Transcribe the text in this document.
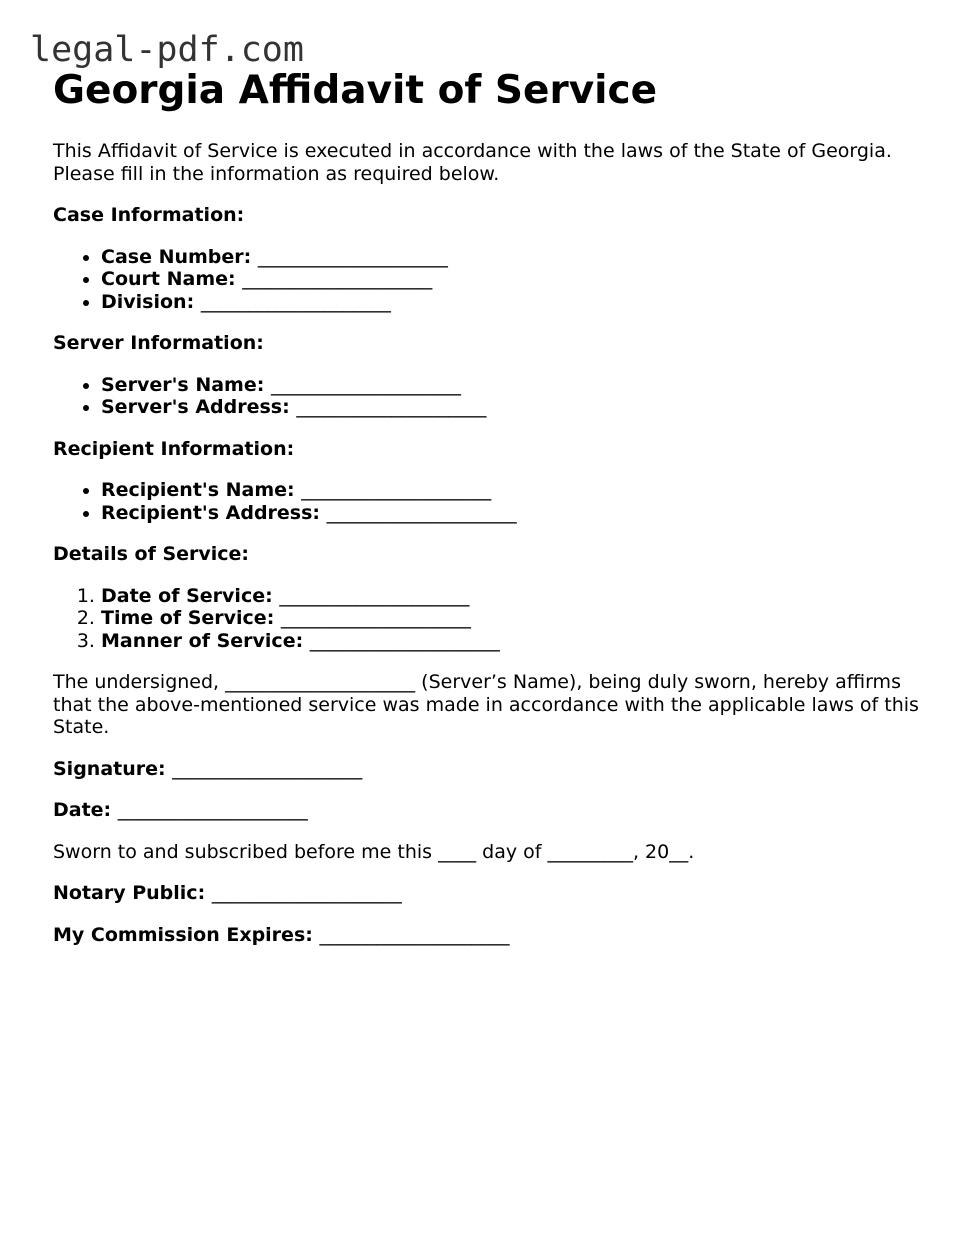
legal-pdf.com
Georgia Affidavit of Service

This Affidavit of Service is executed in accordance with the laws of the State of Georgia. Please fill in the information as required below.

Case Information:

• Case Number: ____________________
• Court Name: ____________________
• Division: ____________________

Server Information:

• Server's Name: ____________________
• Server's Address: ____________________

Recipient Information:

• Recipient's Name: ____________________
• Recipient's Address: ____________________

Details of Service:

1. Date of Service: ____________________
2. Time of Service: ____________________
3. Manner of Service: ____________________

The undersigned, ____________________ (Server’s Name), being duly sworn, hereby affirms that the above-mentioned service was made in accordance with the applicable laws of this State.

Signature: ____________________

Date: ____________________

Sworn to and subscribed before me this ____ day of _________, 20__.

Notary Public: ____________________

My Commission Expires: ____________________
